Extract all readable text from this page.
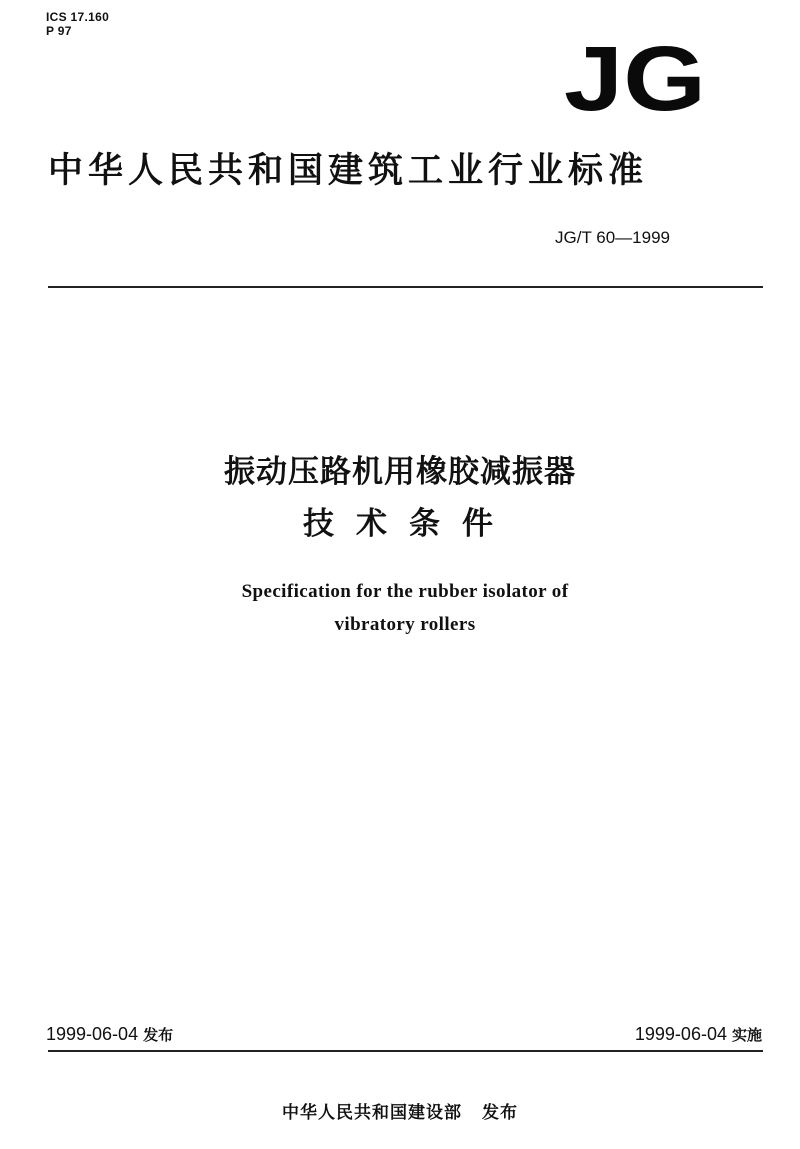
ICS 17.160
P 97	JG
中华人民共和国建筑工业行业标准
JG/T 60—1999
振动压路机用橡胶减振器
技术条件
Specification for the rubber isolator of
vibratory rollers
1999-06-04 发布	1999-06-04 实施
中华人民共和国建设部 发布
